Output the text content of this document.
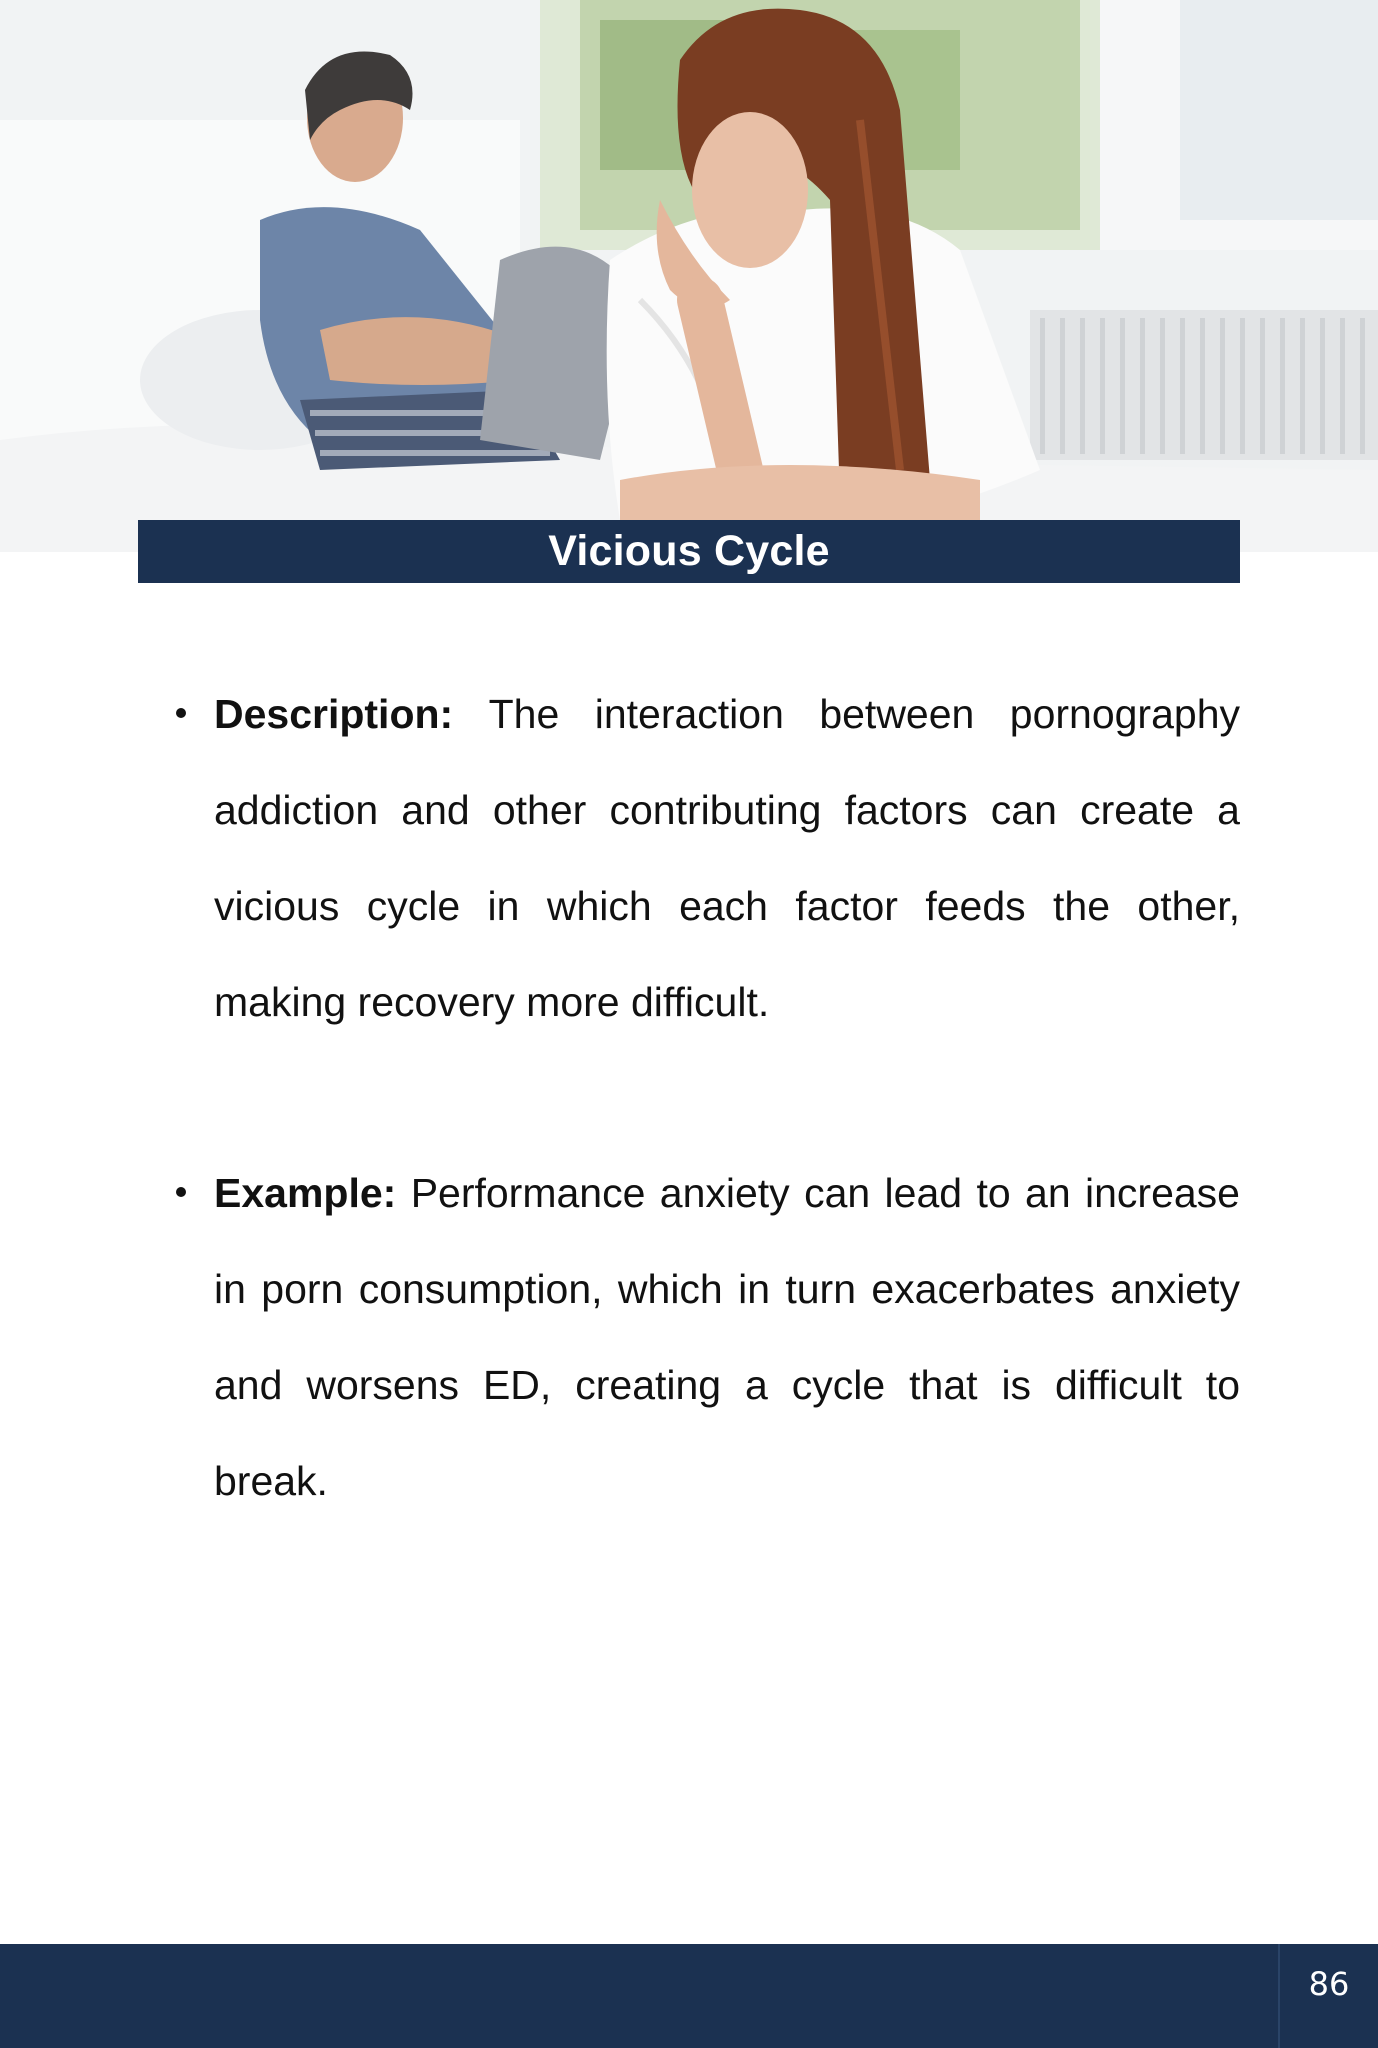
Vicious Cycle

Description: The interaction between pornography addiction and other contributing factors can create a vicious cycle in which each factor feeds the other, making recovery more difficult.

Example: Performance anxiety can lead to an increase in porn consumption, which in turn exacerbates anxiety and worsens ED, creating a cycle that is difficult to break.

86
